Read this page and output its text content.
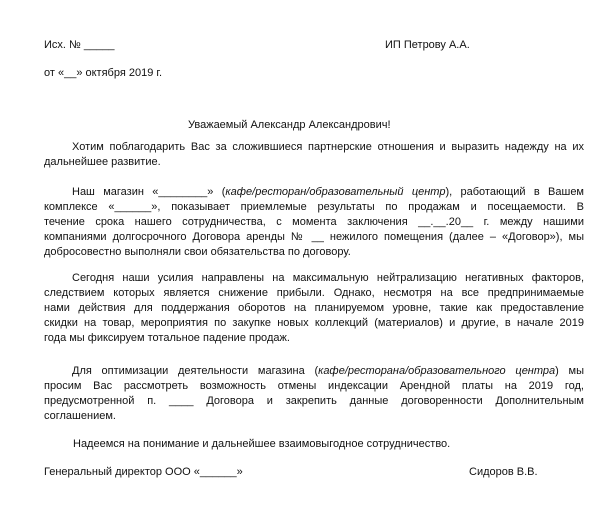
Исх. № _____	ИП Петрову А.А.
от «__» октября 2019 г.
Уважаемый Александр Александрович!
Хотим поблагодарить Вас за сложившиеся партнерские отношения и выразить надежду на их
дальнейшее развитие.
Наш магазин «________» (кафе/ресторан/образовательный центр), работающий в Вашем
комплексе «______», показывает приемлемые результаты по продажам и посещаемости. В
течение срока нашего сотрудничества, с момента заключения __.__.20__ г. между нашими
компаниями долгосрочного Договора аренды № __ нежилого помещения (далее – «Договор»), мы
добросовестно выполняли свои обязательства по договору.
Сегодня наши усилия направлены на максимальную нейтрализацию негативных факторов,
следствием которых является снижение прибыли. Однако, несмотря на все предпринимаемые
нами действия для поддержания оборотов на планируемом уровне, такие как предоставление
скидки на товар, мероприятия по закупке новых коллекций (материалов) и другие, в начале 2019
года мы фиксируем тотальное падение продаж.
Для оптимизации деятельности магазина (кафе/ресторана/образовательного центра) мы
просим Вас рассмотреть возможность отмены индексации Арендной платы на 2019 год,
предусмотренной п. ____ Договора и закрепить данные договоренности Дополнительным
соглашением.
Надеемся на понимание и дальнейшее взаимовыгодное сотрудничество.
Генеральный директор ООО «______»	Сидоров В.В.
